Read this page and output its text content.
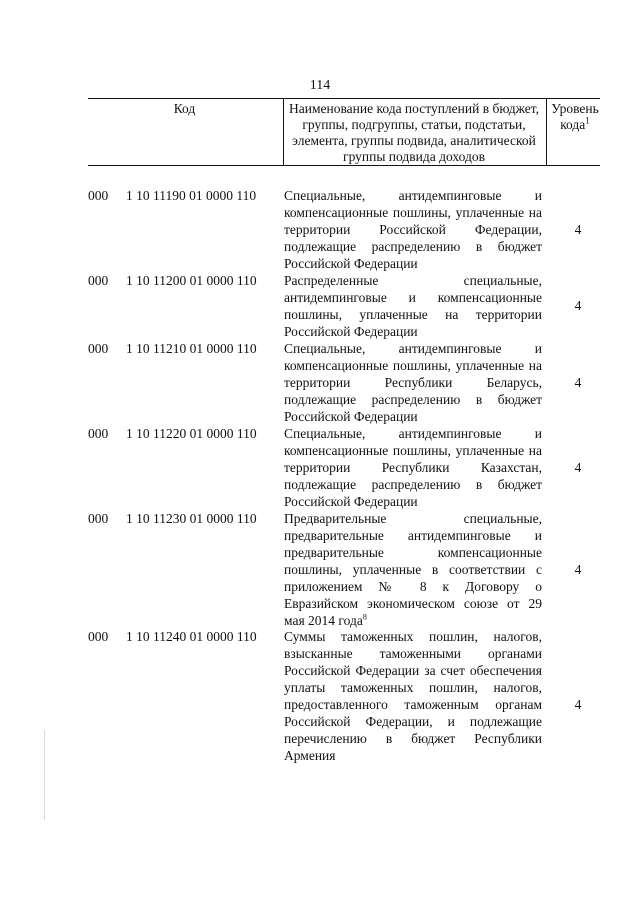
114
Код	Наименование кода поступлений в бюджет, группы, подгруппы, статьи, подстатьи, элемента, группы подвида, аналитической группы подвида доходов
Уровень кода$^1$
000 1 10 11190 01 0000 110 Специальные, антидемпинговые и компенсационные пошлины, уплаченные на территории Российской Федерации, подлежащие распределению в бюджет Российской Федерации
4
000 1 10 11200 01 0000 110 Распределенные специальные, антидемпинговые и компенсационные пошлины, уплаченные на территории Российской Федерации
4
000 1 10 11210 01 0000 110 Специальные, антидемпинговые и компенсационные пошлины, уплаченные на территории Республики Беларусь, подлежащие распределению в бюджет Российской Федерации
4
000 1 10 11220 01 0000 110 Специальные, антидемпинговые и компенсационные пошлины, уплаченные на территории Республики Казахстан, подлежащие распределению в бюджет Российской Федерации
4
000 1 10 11230 01 0000 110 Предварительные специальные, предварительные антидемпинговые и предварительные компенсационные пошлины, уплаченные в соответствии с приложением № 8 к Договору о Евразийском экономическом союзе от 29 мая 2014 года$^8$
4
000 1 10 11240 01 0000 110 Суммы таможенных пошлин, налогов, взысканные таможенными органами Российской Федерации за счет обеспечения уплаты таможенных пошлин, налогов, предоставленного таможенным органам Российской Федерации, и подлежащие перечислению в бюджет Республики Армения
4
